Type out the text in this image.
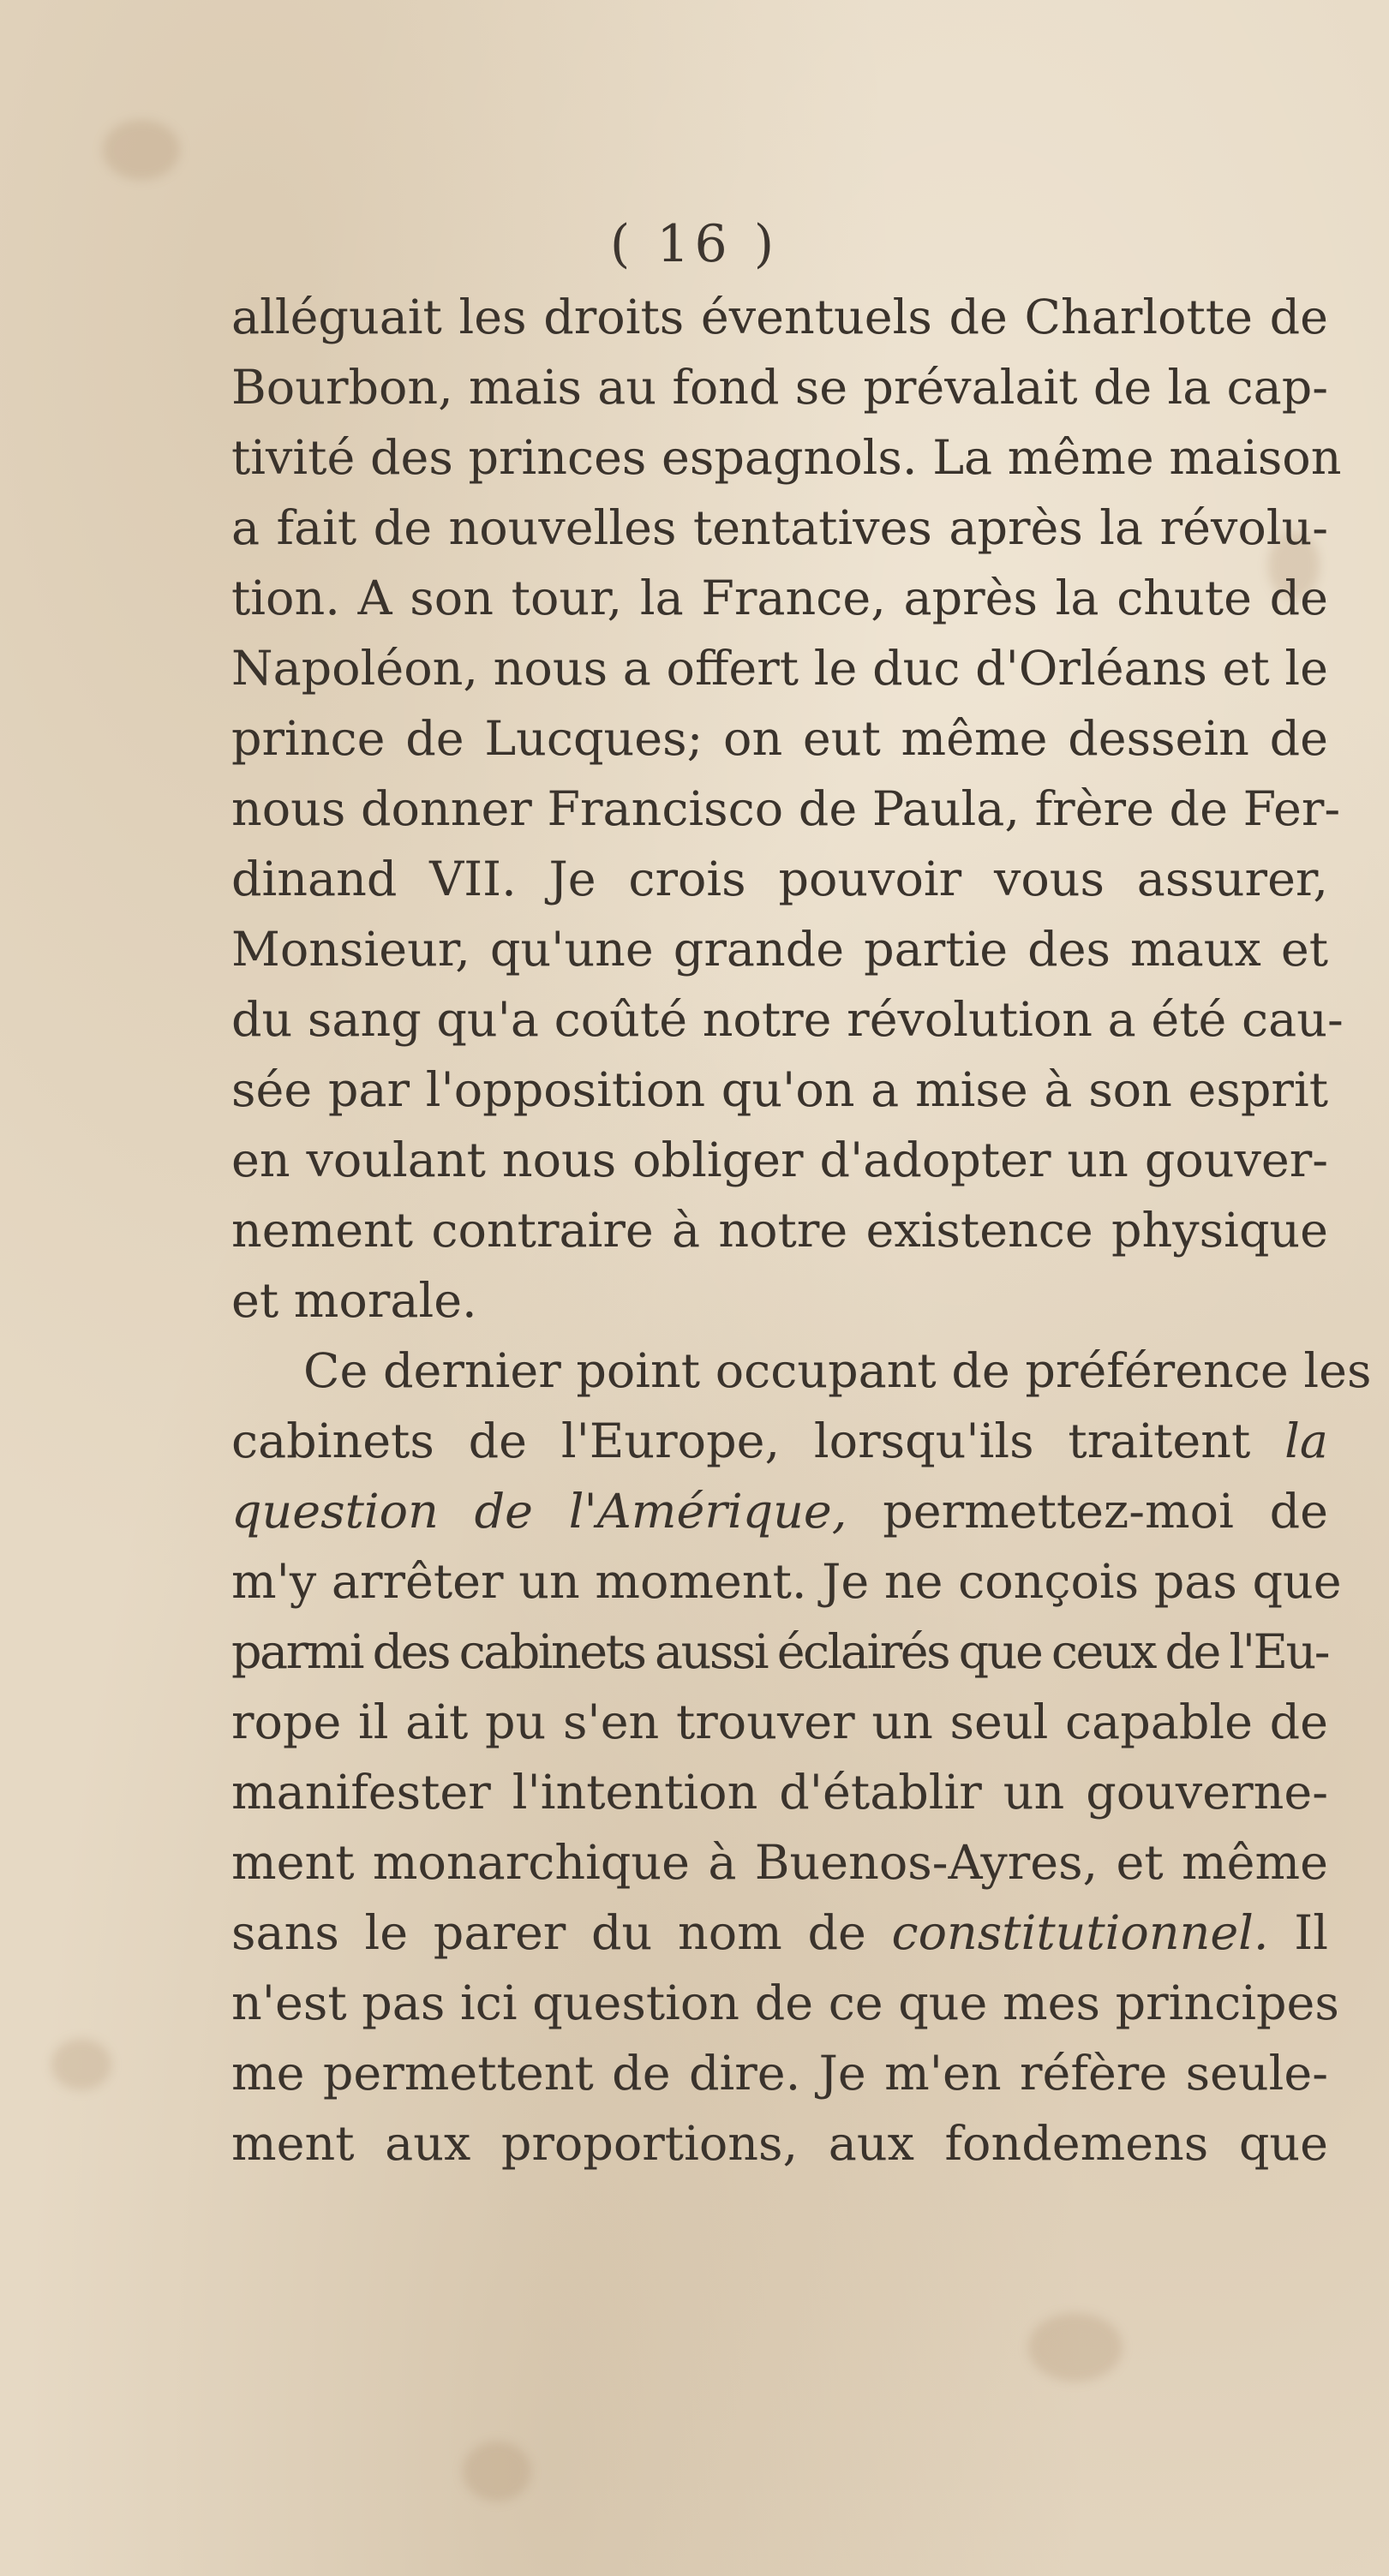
( 16 )
alléguait les droits éventuels de Charlotte de
Bourbon, mais au fond se prévalait de la cap-
tivité des princes espagnols. La même maison
a fait de nouvelles tentatives après la révolu-
tion. A son tour, la France, après la chute de
Napoléon, nous a offert le duc d'Orléans et le
prince de Lucques; on eut même dessein de
nous donner Francisco de Paula, frère de Fer-
dinand VII. Je crois pouvoir vous assurer,
Monsieur, qu'une grande partie des maux et
du sang qu'a coûté notre révolution a été cau-
sée par l'opposition qu'on a mise à son esprit
en voulant nous obliger d'adopter un gouver-
nement contraire à notre existence physique
et morale.
Ce dernier point occupant de préférence les
cabinets de l'Europe, lorsqu'ils traitent la
question de l'Amérique, permettez-moi de
m'y arrêter un moment. Je ne conçois pas que
parmi des cabinets aussi éclairés que ceux de l'Eu-
rope il ait pu s'en trouver un seul capable de
manifester l'intention d'établir un gouverne-
ment monarchique à Buenos-Ayres, et même
sans le parer du nom de constitutionnel. Il
n'est pas ici question de ce que mes principes
me permettent de dire. Je m'en réfère seule-
ment aux proportions, aux fondemens que
